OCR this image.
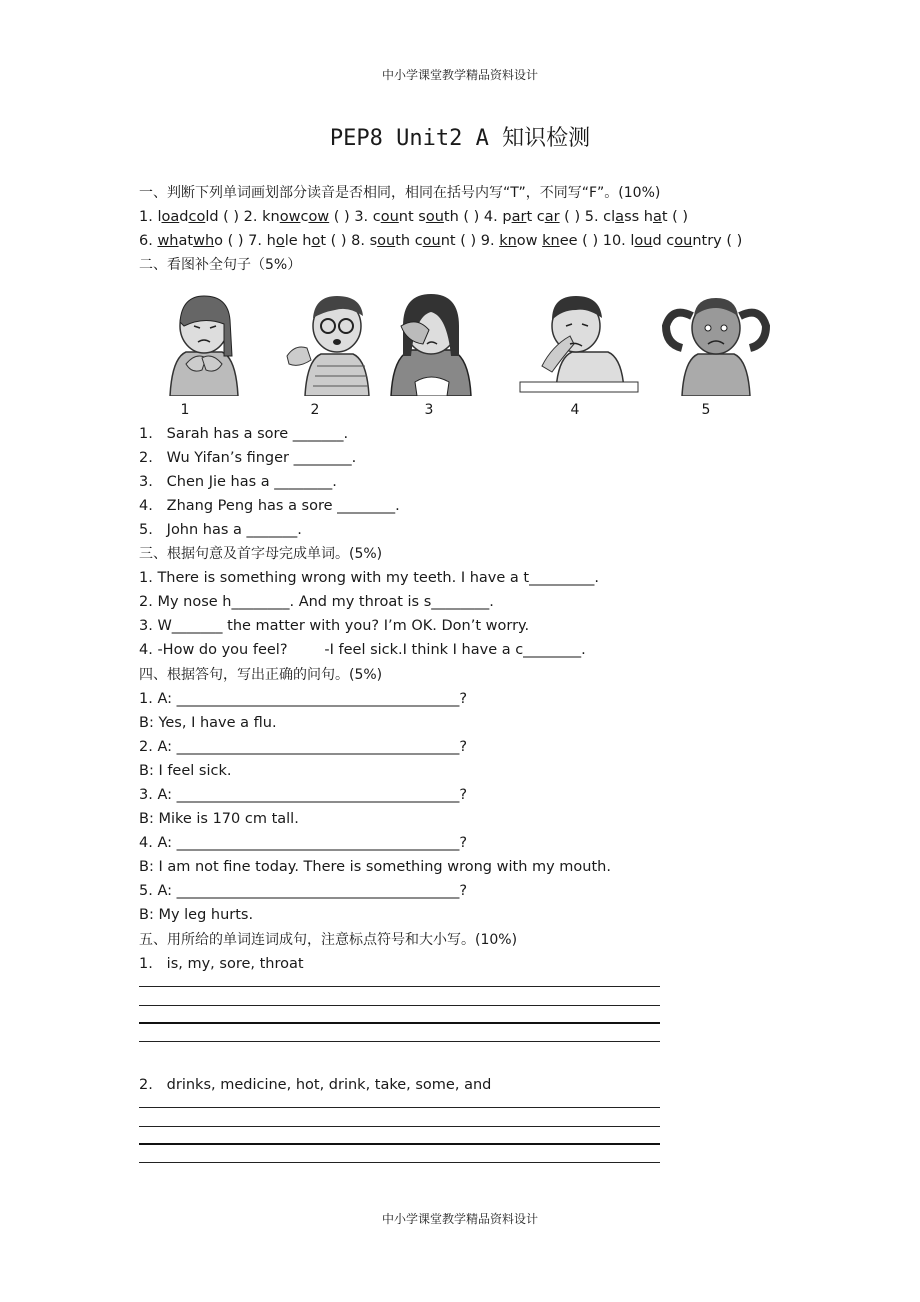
中小学课堂教学精品资料设计
PEP8 Unit2 A 知识检测
一、判断下列单词画划部分读音是否相同，相同在括号内写“T”，不同写“F”。(10%)
1. loadcold ( ) 2. knowcow ( ) 3. count south ( ) 4. part car ( ) 5. class hat ( )
6. whatwho ( ) 7. hole hot ( ) 8. south count ( ) 9. know knee ( ) 10. loud country ( )
二、看图补全句子（5%）
1	2	3	4	5
1.   Sarah has a sore _______.
2.   Wu Yifan’s finger ________.
3.   Chen Jie has a ________.
4.   Zhang Peng has a sore ________.
5.   John has a _______.
三、根据句意及首字母完成单词。(5%)
1. There is something wrong with my teeth. I have a t_________.
2. My nose h________. And my throat is s________.
3. W_______ the matter with you? I’m OK. Don’t worry.
4. -How do you feel?        -I feel sick.I think I have a c________.
四、根据答句，写出正确的问句。(5%)
1. A: _______________________________________?
B: Yes, I have a flu.
2. A: _______________________________________?
B: I feel sick.
3. A: _______________________________________?
B: Mike is 170 cm tall.
4. A: _______________________________________?
B: I am not fine today. There is something wrong with my mouth.
5. A: _______________________________________?
B: My leg hurts.
五、用所给的单词连词成句，注意标点符号和大小写。(10%)
1.   is, my, sore, throat
2.   drinks, medicine, hot, drink, take, some, and
中小学课堂教学精品资料设计
